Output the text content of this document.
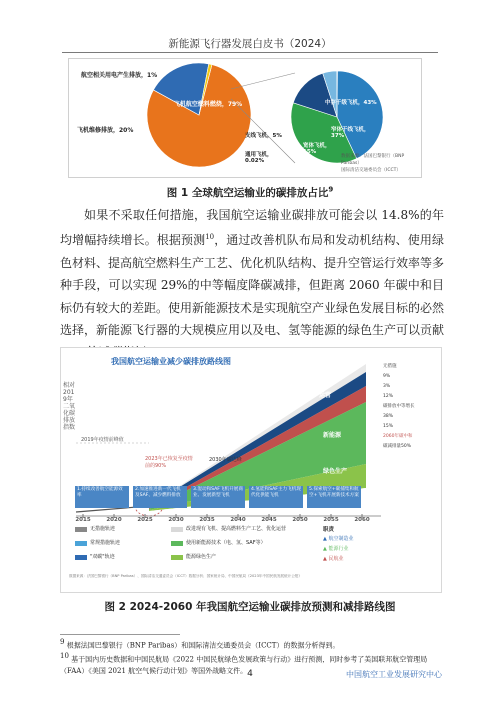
新能源飞行器发展白皮书（2024）
航空相关用电产生排放，1%
飞机航空燃料燃烧，79%
飞机维修排放，20%
中存千级飞机，43%
窄体干线飞机，37%
宽体飞机，15%
支线飞机，5%
通用飞机，0.02%
数据来源：法国巴黎银行（BNP Paribas）
国际清洁交通委员会（ICCT）
图 1 全球航空运输业的碳排放占比$^9$

如果不采取任何措施，我国航空运输业碳排放可能会以 14.8%的年均增幅持续增长。根据预测$^{10}$，通过改善机队布局和发动机结构、使用绿色材料、提高航空燃料生产工艺、优化机队结构、提升空管运行效率等多种手段，可以实现 29%的中等幅度降碳减排，但距离 2060 年碳中和目标仍有较大的差距。使用新能源技术是实现航空产业绿色发展目标的必然选择，新能源飞行器的大规模应用以及电、氢等能源的绿色生产可以贡献

我国航空运输业减少碳排放路线图
相对2019年二氧化碳排放指数
2019年疫情前峰值
2023年已恢复至疫情前的90%
2030年碳达峰
技术
运营
新能源
绿色生产
无措施
9%
3%
12%
碳排放中等增长
38%
15%
2060年碳中和
碳减排量50%
1.持续改善航空能源效率
2.加速推进新一代飞机及SAF、减少燃料排放
3.混动和SAF飞机开展商业、发展新型飞机
4.氢能和SAF主力飞机现代化供能飞机
5.探索航空+碳捕集和航空+飞机开展新技术方案
2015	2020	2025	2030	2035	2040	2045	2050	2055	2060
无措施轨迹	改进现有飞机、提高燃料生产工艺、优化运营
常规措施轨迹	使用新能源技术（电、氢、SAF等）
"双碳"轨迹	能源绿色生产
职责
▲ 航空制造业
▲ 能源行业
▲ 民航业
数据来源：法国巴黎银行（BNP Paribas）、国际清洁交通委员会（ICCT）数据分析；国家统计局、中国民航局《2023年中国民航发展统计公报》
图 2 2024-2060 年我国航空运输业碳排放预测和减排路线图
$^9$ 根据法国巴黎银行（BNP Paribas）和国际清洁交通委员会（ICCT）的数据分析得到。
$^{10}$ 基于国内历史数据和中国民航局《2022 中国民航绿色发展政策与行动》进行预测，同时参考了美国联邦航空管理局（FAA）《美国 2021 航空气候行动计划》等国外战略文件。 4	中国航空工业发展研究中心
